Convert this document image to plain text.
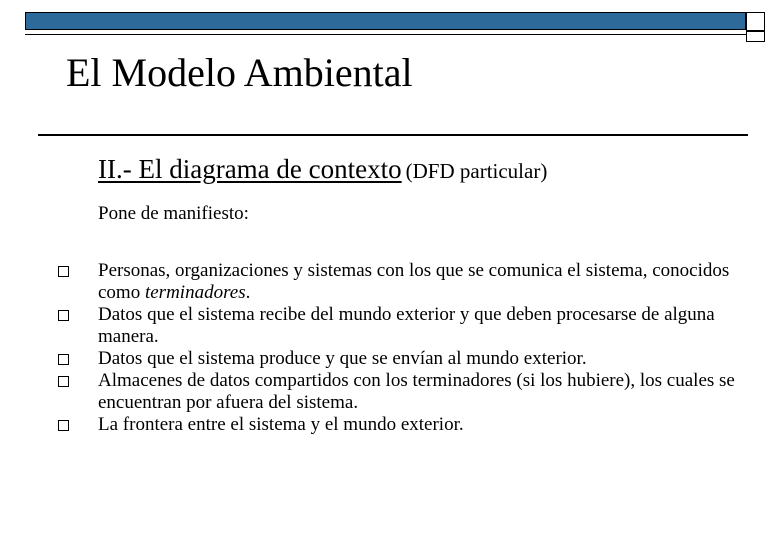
El Modelo Ambiental
II.- El diagrama de contexto (DFD particular)
Pone de manifiesto:
Personas, organizaciones y sistemas con los que se comunica el sistema, conocidos como terminadores.
Datos que el sistema recibe del mundo exterior y que deben procesarse de alguna manera.
Datos que el sistema produce y que se envían al mundo exterior.
Almacenes de datos compartidos con los terminadores (si los hubiere), los cuales se encuentran por afuera del sistema.
La frontera entre el sistema y el mundo exterior.
